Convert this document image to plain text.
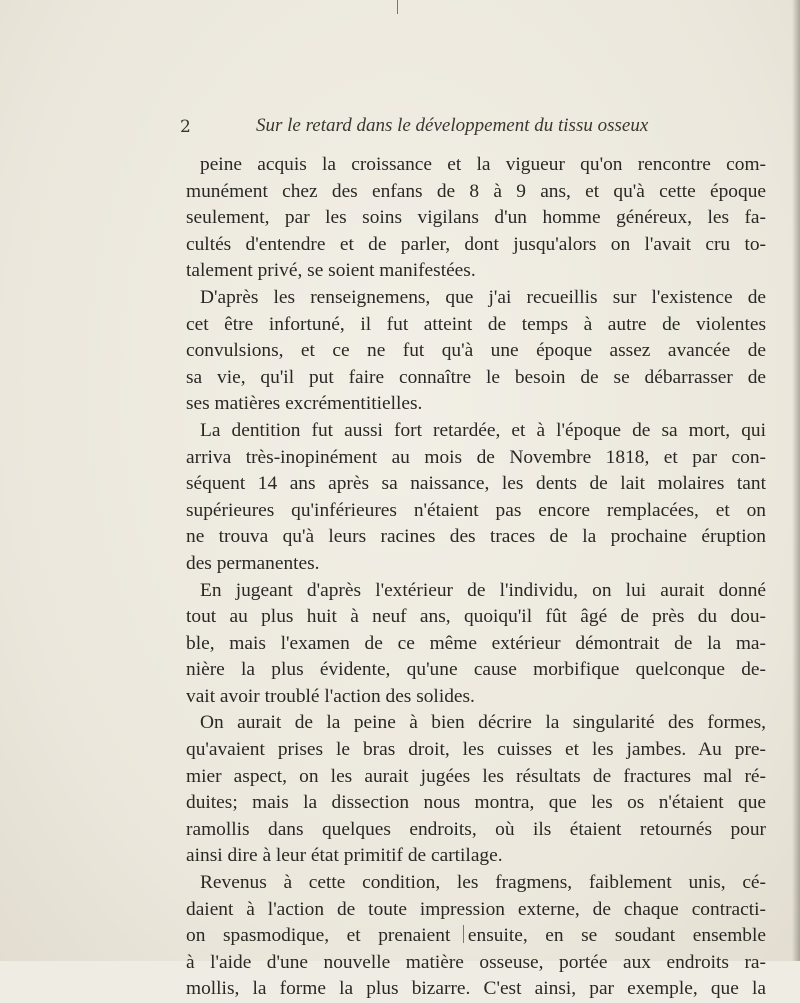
2	Sur le retard dans le développement du tissu osseux
peine acquis la croissance et la vigueur qu'on rencontre com-
munément chez des enfans de 8 à 9 ans, et qu'à cette époque
seulement, par les soins vigilans d'un homme généreux, les fa-
cultés d'entendre et de parler, dont jusqu'alors on l'avait cru to-
talement privé, se soient manifestées.
D'après les renseignemens, que j'ai recueillis sur l'existence de
cet être infortuné, il fut atteint de temps à autre de violentes
convulsions, et ce ne fut qu'à une époque assez avancée de
sa vie, qu'il put faire connaître le besoin de se débarrasser de
ses matières excrémentitielles.
La dentition fut aussi fort retardée, et à l'époque de sa mort, qui
arriva très-inopinément au mois de Novembre 1818, et par con-
séquent 14 ans après sa naissance, les dents de lait molaires tant
supérieures qu'inférieures n'étaient pas encore remplacées, et on
ne trouva qu'à leurs racines des traces de la prochaine éruption
des permanentes.
En jugeant d'après l'extérieur de l'individu, on lui aurait donné
tout au plus huit à neuf ans, quoiqu'il fût âgé de près du dou-
ble, mais l'examen de ce même extérieur démontrait de la ma-
nière la plus évidente, qu'une cause morbifique quelconque de-
vait avoir troublé l'action des solides.
On aurait de la peine à bien décrire la singularité des formes,
qu'avaient prises le bras droit, les cuisses et les jambes. Au pre-
mier aspect, on les aurait jugées les résultats de fractures mal ré-
duites; mais la dissection nous montra, que les os n'étaient que
ramollis dans quelques endroits, où ils étaient retournés pour
ainsi dire à leur état primitif de cartilage.
Revenus à cette condition, les fragmens, faiblement unis, cé-
daient à l'action de toute impression externe, de chaque contracti-
on spasmodique, et prenaient ensuite, en se soudant ensemble
à l'aide d'une nouvelle matière osseuse, portée aux endroits ra-
mollis, la forme la plus bizarre. C'est ainsi, par exemple, que la
